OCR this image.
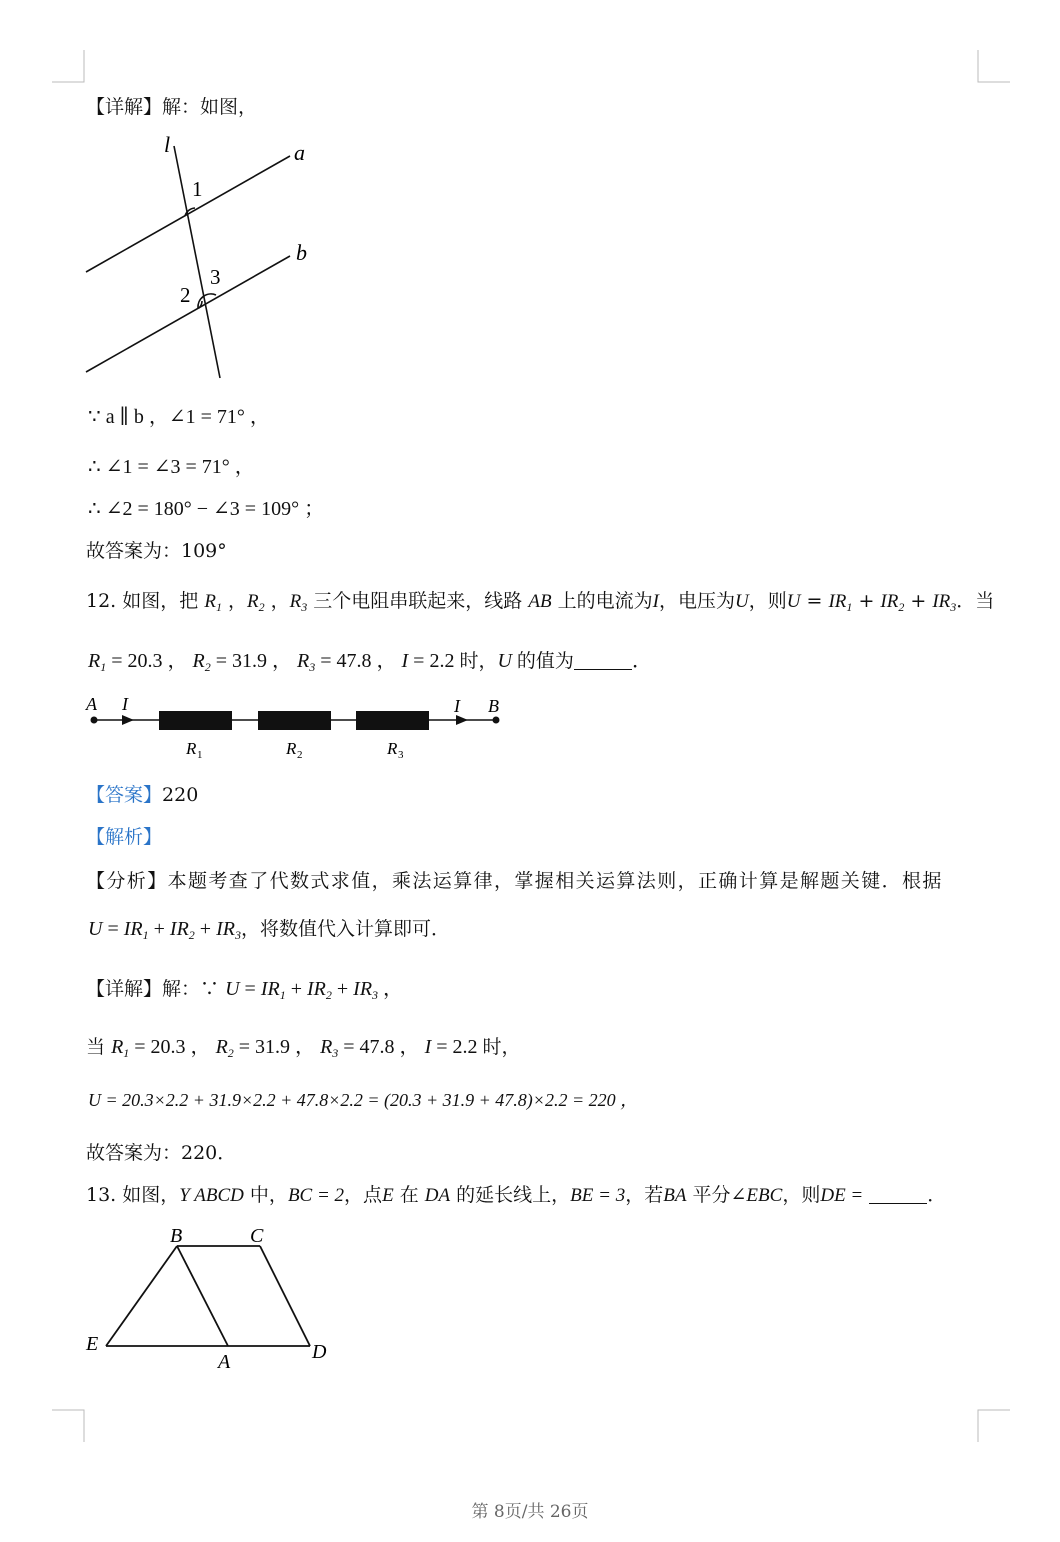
【详解】解：如图，
l	a
b
1
3
2
∵ a ∥ b ，∠1 = 71° ，
∴ ∠1 = ∠3 = 71° ，
∴ ∠2 = 180° − ∠3 = 109° ；
故答案为：109°
12. 如图，把 $R_1$ ，$R_2$ ，$R_3$ 三个电阻串联起来，线路 AB 上的电流为I，电压为U，则$U = IR_1 + IR_2 + IR_3$．当
$R_1 = 20.3$ ， $R_2 = 31.9$ ， $R_3 = 47.8$ ， I = 2.2 时，U 的值为	．
A I	I B
R 1	R 2	R 3
【答案】220
【解析】
【分析】本题考查了代数式求值，乘法运算律，掌握相关运算法则，正确计算是解题关键．根据
$U = IR_1 + IR_2 + IR_3$，将数值代入计算即可．
【详解】解：∵ $U = IR_1 + IR_2 + IR_3$ ，
当 $R_1 = 20.3$ ， $R_2 = 31.9$ ， $R_3 = 47.8$ ， I = 2.2 时，
U = 20.3×2.2 + 31.9×2.2 + 47.8×2.2 = (20.3 + 31.9 + 47.8)×2.2 = 220 ，
故答案为：220．
13. 如图，Y ABCD 中，BC = 2，点E 在 DA 的延长线上，BE = 3，若BA 平分∠EBC，则DE =	．
B	C
E
A	D
第 8页/共 26页
